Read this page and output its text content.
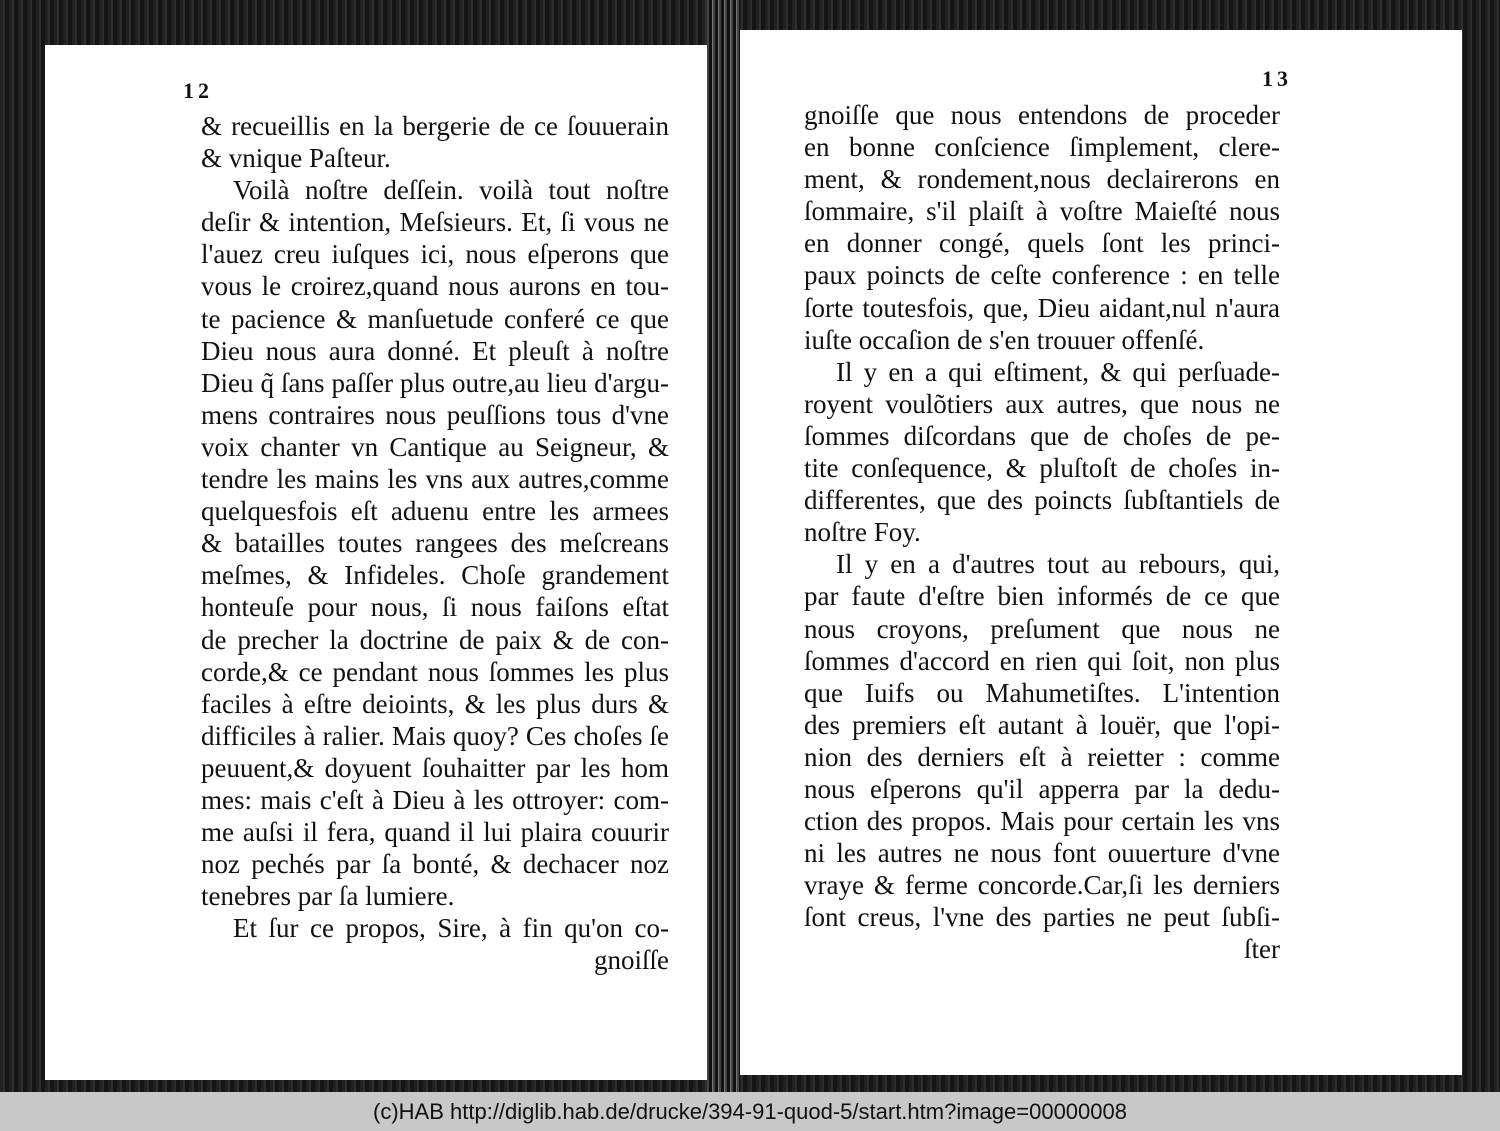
12
& recueillis en la bergerie de ce ſouuerain
& vnique Paſteur.
Voilà noſtre deſſein. voilà tout noſtre
deſir & intention, Meſsieurs. Et, ſi vous ne
l'auez creu iuſques ici, nous eſperons que
vous le croirez,quand nous aurons en tou-
te pacience & manſuetude conferé ce que
Dieu nous aura donné. Et pleuſt à noſtre
Dieu q̃ ſans paſſer plus outre,au lieu d'argu-
mens contraires nous peuſſions tous d'vne
voix chanter vn Cantique au Seigneur, &
tendre les mains les vns aux autres,comme
quelquesfois eſt aduenu entre les armees
& batailles toutes rangees des meſcreans
meſmes, & Infideles. Choſe grandement
honteuſe pour nous, ſi nous faiſons eſtat
de precher la doctrine de paix & de con-
corde,& ce pendant nous ſommes les plus
faciles à eſtre deioints, & les plus durs &
difficiles à ralier. Mais quoy? Ces choſes ſe
peuuent,& doyuent ſouhaitter par les hom
mes: mais c'eſt à Dieu à les ottroyer: com-
me auſsi il fera, quand il lui plaira couurir
noz pechés par ſa bonté, & dechacer noz
tenebres par ſa lumiere.
Et ſur ce propos, Sire, à fin qu'on co-
gnoiſſe
13
gnoiſſe que nous entendons de proceder
en bonne conſcience ſimplement, clere-
ment, & rondement,nous declairerons en
ſommaire, s'il plaiſt à voſtre Maieſté nous
en donner congé, quels ſont les princi-
paux poincts de ceſte conference : en telle
ſorte toutesfois, que, Dieu aidant,nul n'aura
iuſte occaſion de s'en trouuer offenſé.
Il y en a qui eſtiment, & qui perſuade-
royent voulõtiers aux autres, que nous ne
ſommes diſcordans que de choſes de pe-
tite conſequence, & pluſtoſt de choſes in-
differentes, que des poincts ſubſtantiels de
noſtre Foy.
Il y en a d'autres tout au rebours, qui,
par faute d'eſtre bien informés de ce que
nous croyons, preſument que nous ne
ſommes d'accord en rien qui ſoit, non plus
que Iuifs ou Mahumetiſtes. L'intention
des premiers eſt autant à louër, que l'opi-
nion des derniers eſt à reietter : comme
nous eſperons qu'il apperra par la dedu-
ction des propos. Mais pour certain les vns
ni les autres ne nous font ouuerture d'vne
vraye & ferme concorde.Car,ſi les derniers
ſont creus, l'vne des parties ne peut ſubſi-
ſter
(c)HAB http://diglib.hab.de/drucke/394-91-quod-5/start.htm?image=00000008
